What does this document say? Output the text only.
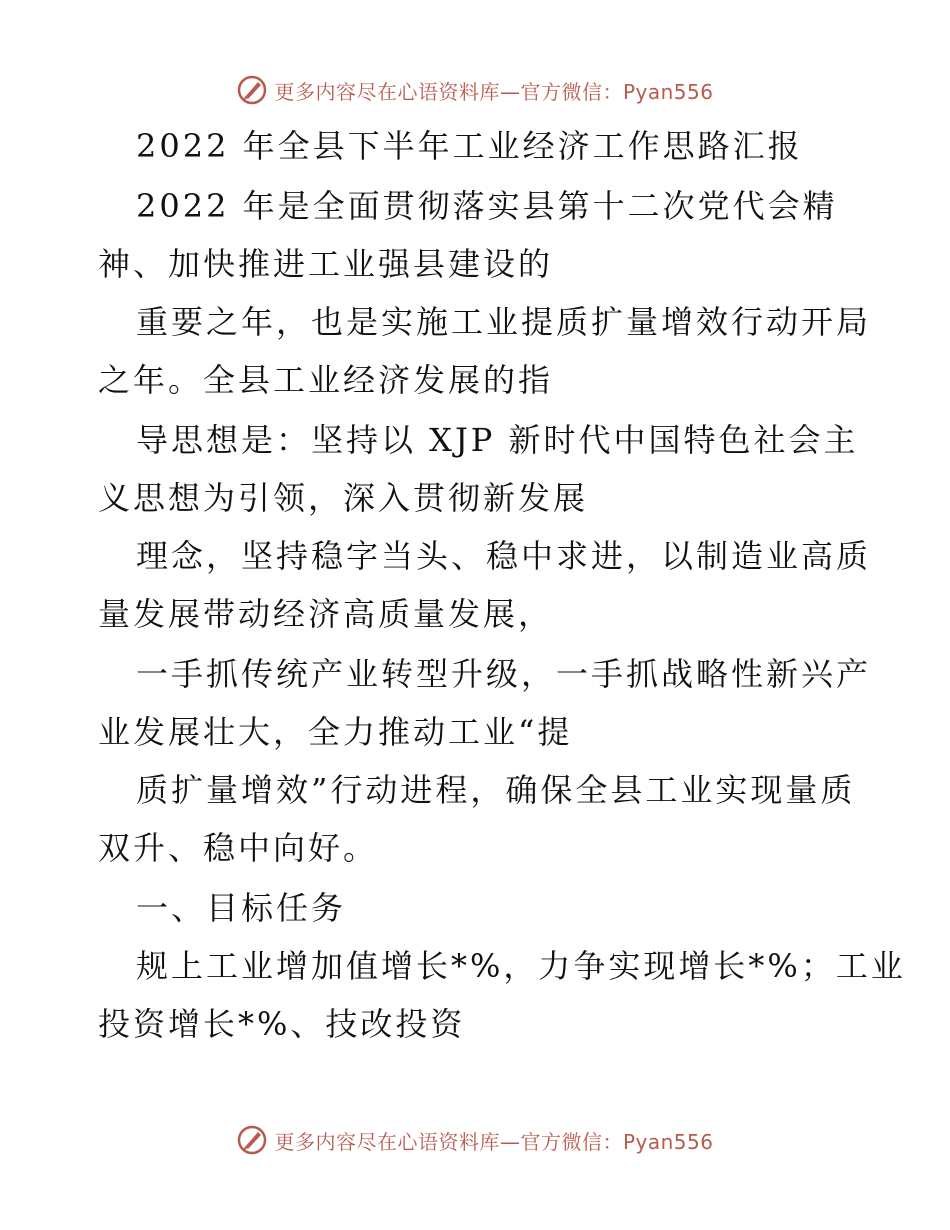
更多内容尽在心语资料库—官方微信：Pyan556
2022 年全县下半年工业经济工作思路汇报
2022 年是全面贯彻落实县第十二次党代会精
神、加快推进工业强县建设的
重要之年，也是实施工业提质扩量增效行动开局
之年。全县工业经济发展的指
导思想是：坚持以 XJP 新时代中国特色社会主
义思想为引领，深入贯彻新发展
理念，坚持稳字当头、稳中求进，以制造业高质
量发展带动经济高质量发展，
一手抓传统产业转型升级，一手抓战略性新兴产
业发展壮大，全力推动工业“提
质扩量增效”行动进程，确保全县工业实现量质
双升、稳中向好。
一、目标任务
规上工业增加值增长*%，力争实现增长*%；工业
投资增长*%、技改投资
更多内容尽在心语资料库—官方微信：Pyan556
